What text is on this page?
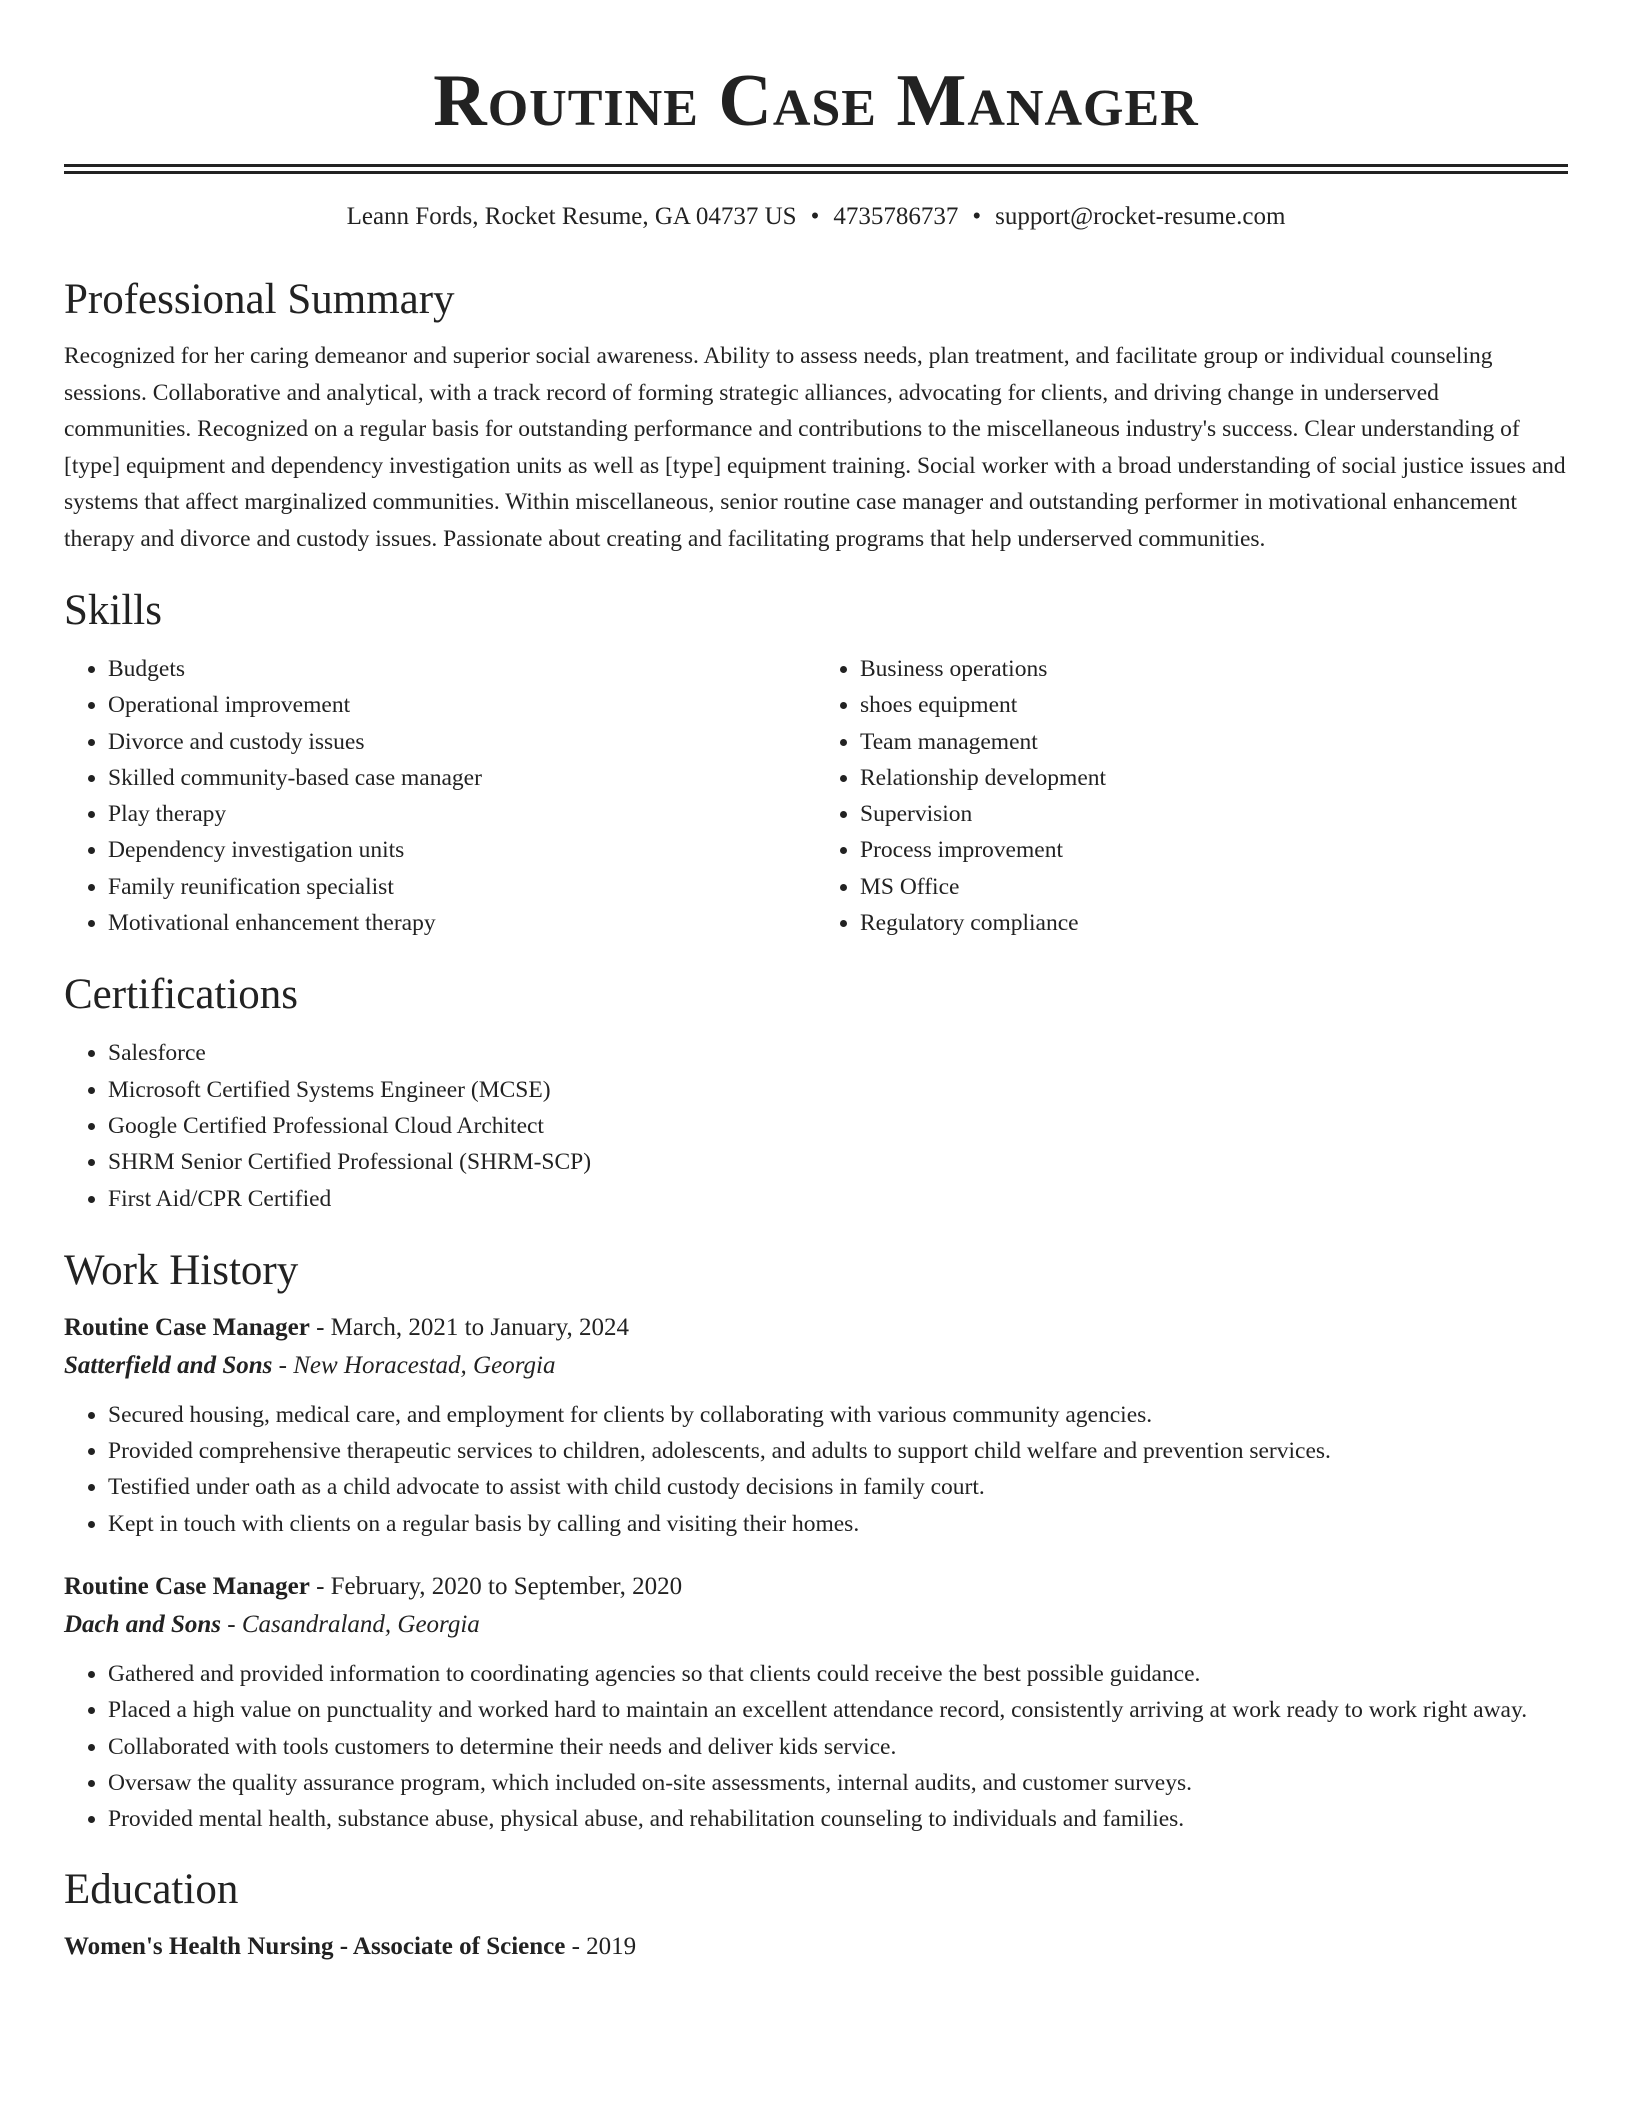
Routine Case Manager
Leann Fords, Rocket Resume, GA 04737 US • 4735786737 • support@rocket-resume.com
Professional Summary
Recognized for her caring demeanor and superior social awareness. Ability to assess needs, plan treatment, and facilitate group or individual counseling sessions. Collaborative and analytical, with a track record of forming strategic alliances, advocating for clients, and driving change in underserved communities. Recognized on a regular basis for outstanding performance and contributions to the miscellaneous industry's success. Clear understanding of [type] equipment and dependency investigation units as well as [type] equipment training. Social worker with a broad understanding of social justice issues and systems that affect marginalized communities. Within miscellaneous, senior routine case manager and outstanding performer in motivational enhancement therapy and divorce and custody issues. Passionate about creating and facilitating programs that help underserved communities.
Skills
• Budgets
• Operational improvement
• Divorce and custody issues
• Skilled community-based case manager
• Play therapy
• Dependency investigation units
• Family reunification specialist
• Motivational enhancement therapy
• Business operations
• shoes equipment
• Team management
• Relationship development
• Supervision
• Process improvement
• MS Office
• Regulatory compliance
Certifications
• Salesforce
• Microsoft Certified Systems Engineer (MCSE)
• Google Certified Professional Cloud Architect
• SHRM Senior Certified Professional (SHRM-SCP)
• First Aid/CPR Certified
Work History
Routine Case Manager - March, 2021 to January, 2024
Satterfield and Sons - New Horacestad, Georgia
• Secured housing, medical care, and employment for clients by collaborating with various community agencies.
• Provided comprehensive therapeutic services to children, adolescents, and adults to support child welfare and prevention services.
• Testified under oath as a child advocate to assist with child custody decisions in family court.
• Kept in touch with clients on a regular basis by calling and visiting their homes.
Routine Case Manager - February, 2020 to September, 2020
Dach and Sons - Casandraland, Georgia
• Gathered and provided information to coordinating agencies so that clients could receive the best possible guidance.
• Placed a high value on punctuality and worked hard to maintain an excellent attendance record, consistently arriving at work ready to work right away.
• Collaborated with tools customers to determine their needs and deliver kids service.
• Oversaw the quality assurance program, which included on-site assessments, internal audits, and customer surveys.
• Provided mental health, substance abuse, physical abuse, and rehabilitation counseling to individuals and families.
Education
Women's Health Nursing - Associate of Science - 2019
